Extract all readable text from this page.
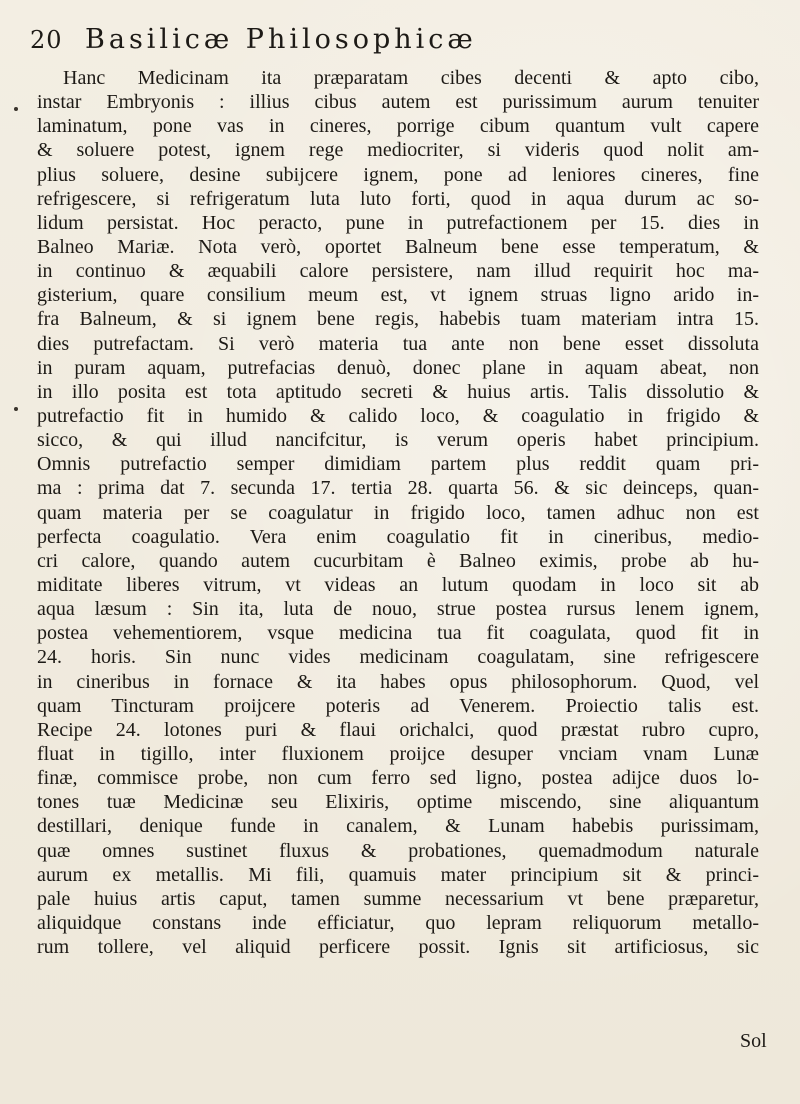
20 Basilicæ Philosophicæ
Hanc Medicinam ita præparatam cibes decenti & apto cibo,
instar Embryonis : illius cibus autem est purissimum aurum tenuiter
laminatum, pone vas in cineres, porrige cibum quantum vult capere
& soluere potest, ignem rege mediocriter, si videris quod nolit am-
plius soluere, desine subijcere ignem, pone ad leniores cineres, fine
refrigescere, si refrigeratum luta luto forti, quod in aqua durum ac so-
lidum persistat. Hoc peracto, pune in putrefactionem per 15. dies in
Balneo Mariæ. Nota verò, oportet Balneum bene esse temperatum, &
in continuo & æquabili calore persistere, nam illud requirit hoc ma-
gisterium, quare consilium meum est, vt ignem struas ligno arido in-
fra Balneum, & si ignem bene regis, habebis tuam materiam intra 15.
dies putrefactam. Si verò materia tua ante non bene esset dissoluta
in puram aquam, putrefacias denuò, donec plane in aquam abeat, non
in illo posita est tota aptitudo secreti & huius artis. Talis dissolutio &
putrefactio fit in humido & calido loco, & coagulatio in frigido &
sicco, & qui illud nancifcitur, is verum operis habet principium.
Omnis putrefactio semper dimidiam partem plus reddit quam pri-
ma : prima dat 7. secunda 17. tertia 28. quarta 56. & sic deinceps, quan-
quam materia per se coagulatur in frigido loco, tamen adhuc non est
perfecta coagulatio. Vera enim coagulatio fit in cineribus, medio-
cri calore, quando autem cucurbitam è Balneo eximis, probe ab hu-
miditate liberes vitrum, vt videas an lutum quodam in loco sit ab
aqua læsum : Sin ita, luta de nouo, strue postea rursus lenem ignem,
postea vehementiorem, vsque medicina tua fit coagulata, quod fit in
24. horis. Sin nunc vides medicinam coagulatam, sine refrigescere
in cineribus in fornace & ita habes opus philosophorum. Quod, vel
quam Tincturam proijcere poteris ad Venerem. Proiectio talis est.
Recipe 24. lotones puri & flaui orichalci, quod præstat rubro cupro,
fluat in tigillo, inter fluxionem proijce desuper vnciam vnam Lunæ
finæ, commisce probe, non cum ferro sed ligno, postea adijce duos lo-
tones tuæ Medicinæ seu Elixiris, optime miscendo, sine aliquantum
destillari, denique funde in canalem, & Lunam habebis purissimam,
quæ omnes sustinet fluxus & probationes, quemadmodum naturale
aurum ex metallis. Mi fili, quamuis mater principium sit & princi-
pale huius artis caput, tamen summe necessarium vt bene præparetur,
aliquidque constans inde efficiatur, quo lepram reliquorum metallo-
rum tollere, vel aliquid perficere possit. Ignis sit artificiosus, sic
Sol
